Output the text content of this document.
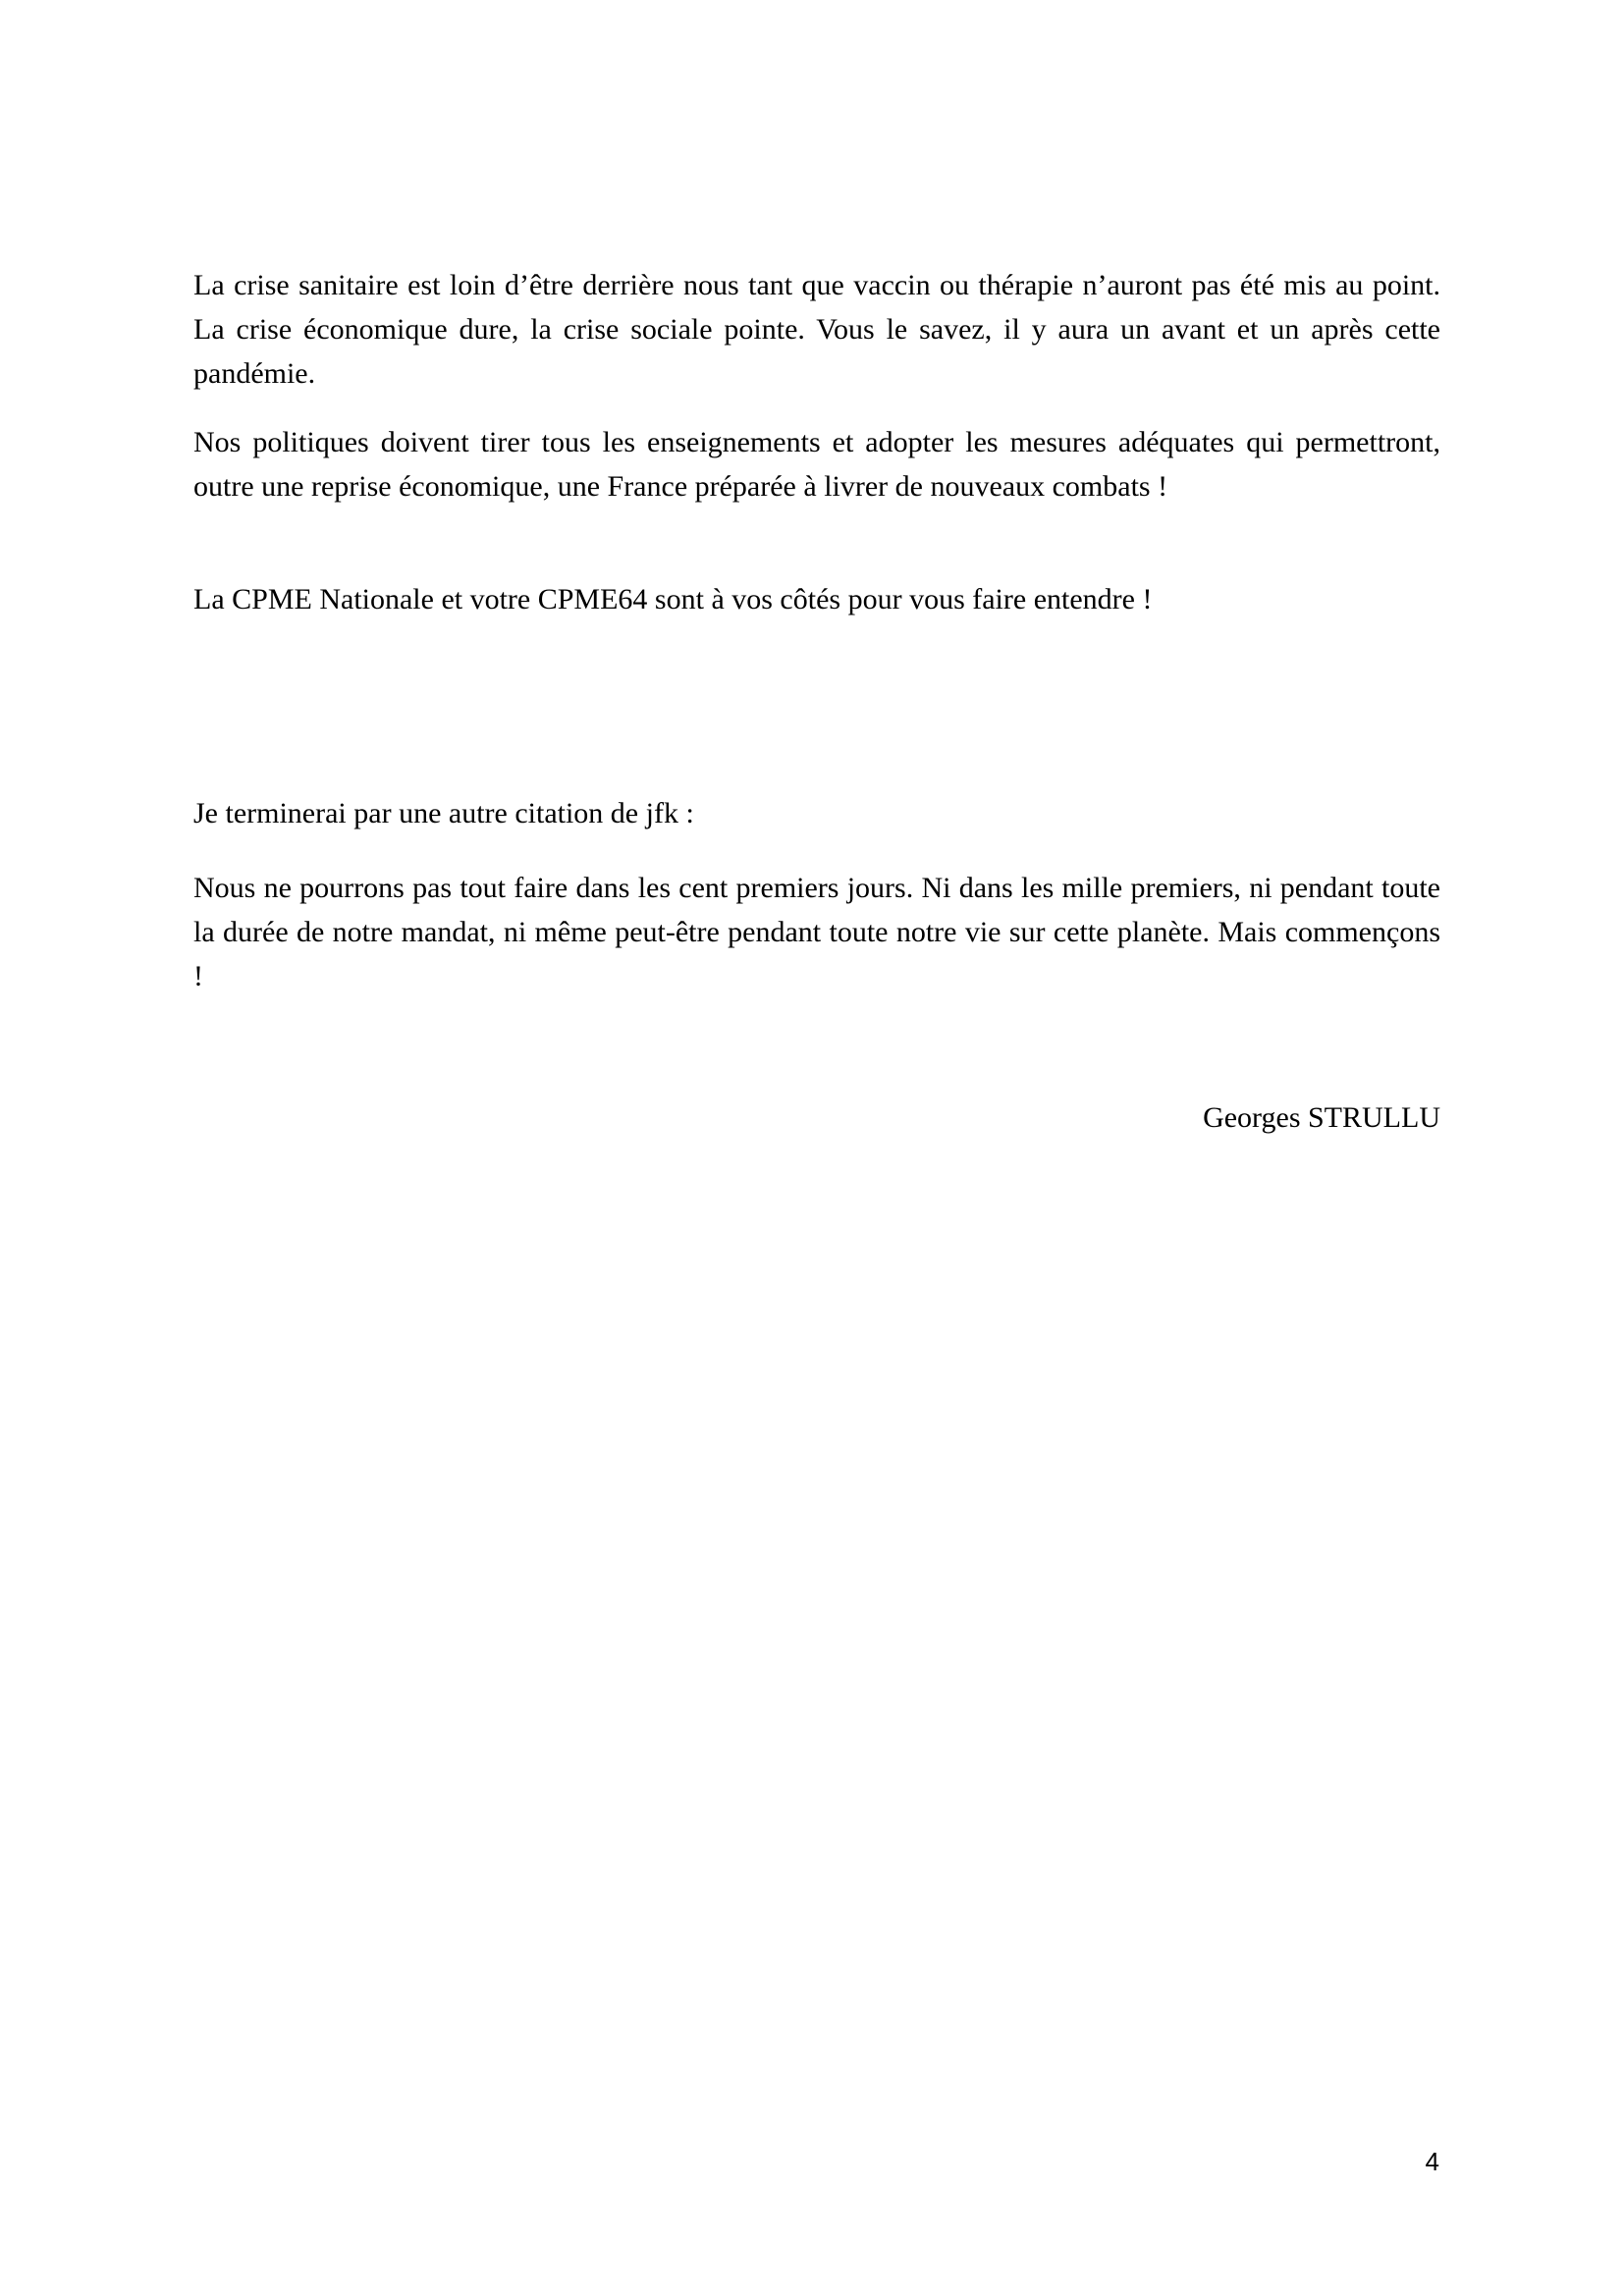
La crise sanitaire est loin d’être derrière nous tant que vaccin ou thérapie n’auront pas été mis au point. La crise économique dure, la crise sociale pointe. Vous le savez, il y aura un avant et un après cette pandémie.

Nos politiques doivent tirer tous les enseignements et adopter les mesures adéquates qui permettront, outre une reprise économique, une France préparée à livrer de nouveaux combats !

La CPME Nationale et votre CPME64 sont à vos côtés pour vous faire entendre !

Je terminerai par une autre citation de jfk :

Nous ne pourrons pas tout faire dans les cent premiers jours. Ni dans les mille premiers, ni pendant toute la durée de notre mandat, ni même peut-être pendant toute notre vie sur cette planète. Mais commençons !

Georges STRULLU

4
